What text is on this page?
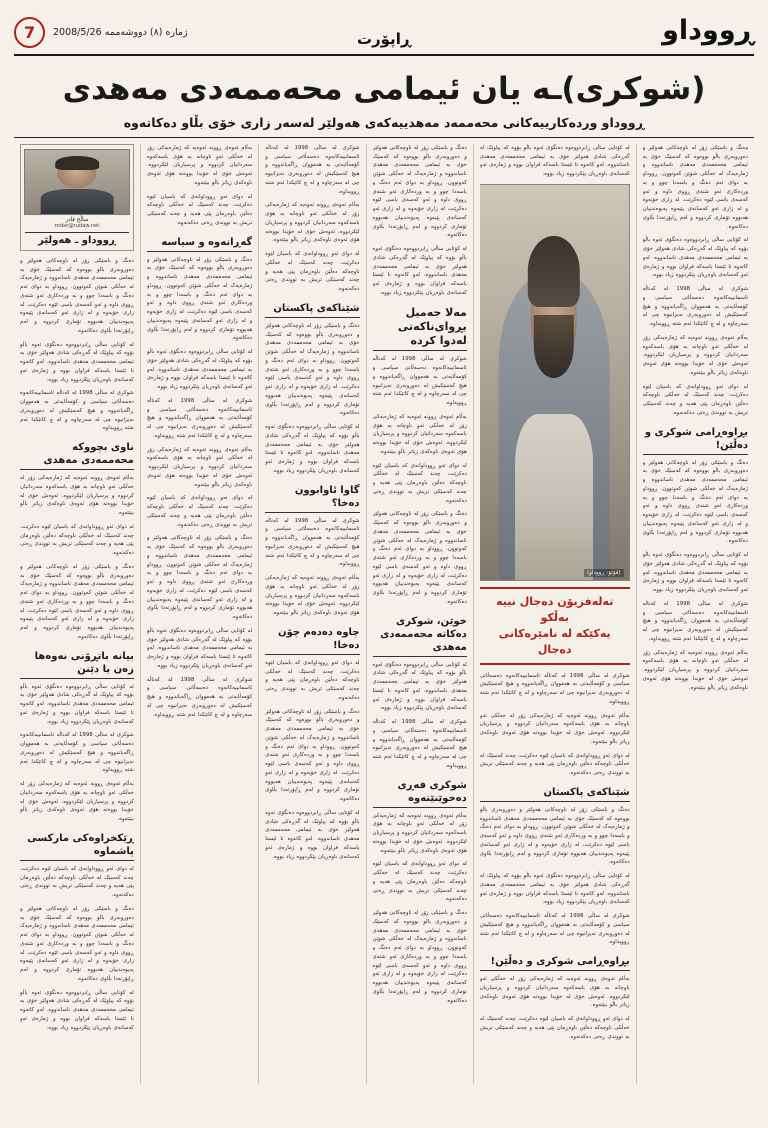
ڕووداو
ڕاپۆرت
ژماره‌ (٨) دووشه‌ممه‌ 2008/5/26
7
(شوکری)ـه‌ یان ئیمامی محه‌ممه‌دی مه‌هدی
ڕووداو ورده‌کاریيه‌کانی محه‌ممه‌د مه‌هدیيه‌که‌ی هه‌ولێر له‌سه‌ر زاری خۆی بڵاو ده‌کاته‌وه‌

ده‌نگ و باسێکی زۆر له‌ ناوچه‌کانی هه‌ولێر و ده‌وروبه‌ری باڵو بووه‌وه‌ که‌ که‌سێک خۆی به‌ ئیمامی محه‌ممه‌دی مه‌هدی ناساندووه‌ و ژماره‌یه‌ک له‌ خه‌ڵکی شوێن که‌وتوون. ڕووداو به‌ دوای ئه‌م ده‌نگ و باسه‌دا چوو و به‌ ورده‌کاری ئه‌و شته‌ی ڕووی داوه‌ و ئه‌و که‌سه‌ی باسی لێوه‌ ده‌کرێت، له‌ زاری خۆیه‌وه‌ و له‌ زاری ئه‌و که‌سانه‌ی پێیه‌وه‌ په‌یوه‌ندیيان هه‌بووه‌ تۆماری کردووه‌ و له‌م ڕاپۆرته‌دا بڵاوی ده‌کاته‌وه‌.

له‌ کۆتایی ساڵی ڕابردووه‌وه‌ ده‌نگۆی ئه‌وه‌ باڵو بۆوه‌ که‌ پیاوێک له‌ گه‌ڕه‌کی شادی هه‌ولێر خۆی به‌ ئیمامی محه‌ممه‌دی مه‌هدی ناساندووه‌. له‌و کاته‌وه‌ تا ئێستا باسه‌که‌ فراوان بووه‌ و ژماره‌ی ئه‌و که‌سانه‌ی باوه‌ڕیان پێکردووه‌ زیاد بووه‌.

شوکری له‌ ساڵی 1998 له‌ که‌ناڵه‌ ئاسمانیيه‌کانه‌وه‌ ده‌سه‌ڵاتی سیاسی و کۆمه‌ڵایه‌تی به‌ هه‌مووان ڕاگه‌یاندووه‌ و هیچ که‌سێکیش له‌ ده‌وروبه‌ری نه‌یزانیوه‌ چی له‌ سه‌رچاوه‌ و له‌ چ کاتێکدا ئه‌م شته‌ ڕوویداوه‌.

به‌ڵام ئه‌وه‌ی ڕوونه‌ ئه‌وه‌یه‌ که‌ ژماره‌یه‌کی زۆر له‌ خه‌ڵکی ئه‌و ناوچانه‌ به‌ هۆی باسه‌که‌وه‌ سه‌ردانیان کردووه‌ و پرسیاریان لێکردووه‌. ئه‌وه‌ش خۆی له‌ خۆیدا بووه‌ته‌ هۆی ئه‌وه‌ی ناوه‌که‌ی زیاتر باڵو ببێته‌وه‌.

له‌ دوای ئه‌و ڕووداوانه‌ی که‌ باسیان لێوه‌ ده‌کرێت، چه‌ند که‌سێک له‌ خه‌ڵکی ناوچه‌که‌ ده‌ڵێن باوه‌ڕمان پێی هه‌یه‌ و چه‌ند که‌سێکی تریش به‌ تووندی ڕه‌تی ده‌که‌نه‌وه‌.

بڕاوه‌ڕامی شوکری و ده‌ڵێن!

ده‌نگ و باسێکی زۆر له‌ ناوچه‌کانی هه‌ولێر و ده‌وروبه‌ری باڵو بووه‌وه‌ که‌ که‌سێک خۆی به‌ ئیمامی محه‌ممه‌دی مه‌هدی ناساندووه‌ و ژماره‌یه‌ک له‌ خه‌ڵکی شوێن که‌وتوون. ڕووداو به‌ دوای ئه‌م ده‌نگ و باسه‌دا چوو و به‌ ورده‌کاری ئه‌و شته‌ی ڕووی داوه‌ و ئه‌و که‌سه‌ی باسی لێوه‌ ده‌کرێت، له‌ زاری خۆیه‌وه‌ و له‌ زاری ئه‌و که‌سانه‌ی پێیه‌وه‌ په‌یوه‌ندیيان هه‌بووه‌ تۆماری کردووه‌ و له‌م ڕاپۆرته‌دا بڵاوی ده‌کاته‌وه‌.

له‌ کۆتایی ساڵی ڕابردووه‌وه‌ ده‌نگۆی ئه‌وه‌ باڵو بۆوه‌ که‌ پیاوێک له‌ گه‌ڕه‌کی شادی هه‌ولێر خۆی به‌ ئیمامی محه‌ممه‌دی مه‌هدی ناساندووه‌. له‌و کاته‌وه‌ تا ئێستا باسه‌که‌ فراوان بووه‌ و ژماره‌ی ئه‌و که‌سانه‌ی باوه‌ڕیان پێکردووه‌ زیاد بووه‌.

شوکری له‌ ساڵی 1998 له‌ که‌ناڵه‌ ئاسمانیيه‌کانه‌وه‌ ده‌سه‌ڵاتی سیاسی و کۆمه‌ڵایه‌تی به‌ هه‌مووان ڕاگه‌یاندووه‌ و هیچ که‌سێکیش له‌ ده‌وروبه‌ری نه‌یزانیوه‌ چی له‌ سه‌رچاوه‌ و له‌ چ کاتێکدا ئه‌م شته‌ ڕوویداوه‌.

به‌ڵام ئه‌وه‌ی ڕوونه‌ ئه‌وه‌یه‌ که‌ ژماره‌یه‌کی زۆر له‌ خه‌ڵکی ئه‌و ناوچانه‌ به‌ هۆی باسه‌که‌وه‌ سه‌ردانیان کردووه‌ و پرسیاریان لێکردووه‌. ئه‌وه‌ش خۆی له‌ خۆیدا بووه‌ته‌ هۆی ئه‌وه‌ی ناوه‌که‌ی زیاتر باڵو ببێته‌وه‌.

له‌ کۆتایی ساڵی ڕابردووه‌وه‌ ده‌نگۆی ئه‌وه‌ باڵو بۆوه‌ که‌ پیاوێک له‌ گه‌ڕه‌کی شادی هه‌ولێر خۆی به‌ ئیمامی محه‌ممه‌دی مه‌هدی ناساندووه‌. له‌و کاته‌وه‌ تا ئێستا باسه‌که‌ فراوان بووه‌ و ژماره‌ی ئه‌و که‌سانه‌ی باوه‌ڕیان پێکردووه‌ زیاد بووه‌.

(فۆتۆ: ڕووداو)
ته‌لەفزیۆن دەجال نیيه‌ به‌ڵکو
یه‌کێکه‌ له‌ نامێره‌کانی دەجال

شوکری له‌ ساڵی 1998 له‌ که‌ناڵه‌ ئاسمانیيه‌کانه‌وه‌ ده‌سه‌ڵاتی سیاسی و کۆمه‌ڵایه‌تی به‌ هه‌مووان ڕاگه‌یاندووه‌ و هیچ که‌سێکیش له‌ ده‌وروبه‌ری نه‌یزانیوه‌ چی له‌ سه‌رچاوه‌ و له‌ چ کاتێکدا ئه‌م شته‌ ڕوویداوه‌.

به‌ڵام ئه‌وه‌ی ڕوونه‌ ئه‌وه‌یه‌ که‌ ژماره‌یه‌کی زۆر له‌ خه‌ڵکی ئه‌و ناوچانه‌ به‌ هۆی باسه‌که‌وه‌ سه‌ردانیان کردووه‌ و پرسیاریان لێکردووه‌. ئه‌وه‌ش خۆی له‌ خۆیدا بووه‌ته‌ هۆی ئه‌وه‌ی ناوه‌که‌ی زیاتر باڵو ببێته‌وه‌.

له‌ دوای ئه‌و ڕووداوانه‌ی که‌ باسیان لێوه‌ ده‌کرێت، چه‌ند که‌سێک له‌ خه‌ڵکی ناوچه‌که‌ ده‌ڵێن باوه‌ڕمان پێی هه‌یه‌ و چه‌ند که‌سێکی تریش به‌ تووندی ڕه‌تی ده‌که‌نه‌وه‌.

شێناکه‌ی پاکستان

ده‌نگ و باسێکی زۆر له‌ ناوچه‌کانی هه‌ولێر و ده‌وروبه‌ری باڵو بووه‌وه‌ که‌ که‌سێک خۆی به‌ ئیمامی محه‌ممه‌دی مه‌هدی ناساندووه‌ و ژماره‌یه‌ک له‌ خه‌ڵکی شوێن که‌وتوون. ڕووداو به‌ دوای ئه‌م ده‌نگ و باسه‌دا چوو و به‌ ورده‌کاری ئه‌و شته‌ی ڕووی داوه‌ و ئه‌و که‌سه‌ی باسی لێوه‌ ده‌کرێت، له‌ زاری خۆیه‌وه‌ و له‌ زاری ئه‌و که‌سانه‌ی پێیه‌وه‌ په‌یوه‌ندیيان هه‌بووه‌ تۆماری کردووه‌ و له‌م ڕاپۆرته‌دا بڵاوی ده‌کاته‌وه‌.

له‌ کۆتایی ساڵی ڕابردووه‌وه‌ ده‌نگۆی ئه‌وه‌ باڵو بۆوه‌ که‌ پیاوێک له‌ گه‌ڕه‌کی شادی هه‌ولێر خۆی به‌ ئیمامی محه‌ممه‌دی مه‌هدی ناساندووه‌. له‌و کاته‌وه‌ تا ئێستا باسه‌که‌ فراوان بووه‌ و ژماره‌ی ئه‌و که‌سانه‌ی باوه‌ڕیان پێکردووه‌ زیاد بووه‌.

شوکری له‌ ساڵی 1998 له‌ که‌ناڵه‌ ئاسمانیيه‌کانه‌وه‌ ده‌سه‌ڵاتی سیاسی و کۆمه‌ڵایه‌تی به‌ هه‌مووان ڕاگه‌یاندووه‌ و هیچ که‌سێکیش له‌ ده‌وروبه‌ری نه‌یزانیوه‌ چی له‌ سه‌رچاوه‌ و له‌ چ کاتێکدا ئه‌م شته‌ ڕوویداوه‌.

بڕاوه‌ڕامی شوکری و ده‌ڵێن!

به‌ڵام ئه‌وه‌ی ڕوونه‌ ئه‌وه‌یه‌ که‌ ژماره‌یه‌کی زۆر له‌ خه‌ڵکی ئه‌و ناوچانه‌ به‌ هۆی باسه‌که‌وه‌ سه‌ردانیان کردووه‌ و پرسیاریان لێکردووه‌. ئه‌وه‌ش خۆی له‌ خۆیدا بووه‌ته‌ هۆی ئه‌وه‌ی ناوه‌که‌ی زیاتر باڵو ببێته‌وه‌.

له‌ دوای ئه‌و ڕووداوانه‌ی که‌ باسیان لێوه‌ ده‌کرێت، چه‌ند که‌سێک له‌ خه‌ڵکی ناوچه‌که‌ ده‌ڵێن باوه‌ڕمان پێی هه‌یه‌ و چه‌ند که‌سێکی تریش به‌ تووندی ڕه‌تی ده‌که‌نه‌وه‌.

ده‌نگ و باسێکی زۆر له‌ ناوچه‌کانی هه‌ولێر و ده‌وروبه‌ری باڵو بووه‌وه‌ که‌ که‌سێک خۆی به‌ ئیمامی محه‌ممه‌دی مه‌هدی ناساندووه‌ و ژماره‌یه‌ک له‌ خه‌ڵکی شوێن که‌وتوون. ڕووداو به‌ دوای ئه‌م ده‌نگ و باسه‌دا چوو و به‌ ورده‌کاری ئه‌و شته‌ی ڕووی داوه‌ و ئه‌و که‌سه‌ی باسی لێوه‌ ده‌کرێت، له‌ زاری خۆیه‌وه‌ و له‌ زاری ئه‌و که‌سانه‌ی پێیه‌وه‌ په‌یوه‌ندیيان هه‌بووه‌ تۆماری کردووه‌ و له‌م ڕاپۆرته‌دا بڵاوی ده‌کاته‌وه‌.

له‌ کۆتایی ساڵی ڕابردووه‌وه‌ ده‌نگۆی ئه‌وه‌ باڵو بۆوه‌ که‌ پیاوێک له‌ گه‌ڕه‌کی شادی هه‌ولێر خۆی به‌ ئیمامی محه‌ممه‌دی مه‌هدی ناساندووه‌. له‌و کاته‌وه‌ تا ئێستا باسه‌که‌ فراوان بووه‌ و ژماره‌ی ئه‌و که‌سانه‌ی باوه‌ڕیان پێکردووه‌ زیاد بووه‌.

مەلا جەمیل بڕوای‌ناکەتی لەدوا کردە

شوکری له‌ ساڵی 1998 له‌ که‌ناڵه‌ ئاسمانیيه‌کانه‌وه‌ ده‌سه‌ڵاتی سیاسی و کۆمه‌ڵایه‌تی به‌ هه‌مووان ڕاگه‌یاندووه‌ و هیچ که‌سێکیش له‌ ده‌وروبه‌ری نه‌یزانیوه‌ چی له‌ سه‌رچاوه‌ و له‌ چ کاتێکدا ئه‌م شته‌ ڕوویداوه‌.

به‌ڵام ئه‌وه‌ی ڕوونه‌ ئه‌وه‌یه‌ که‌ ژماره‌یه‌کی زۆر له‌ خه‌ڵکی ئه‌و ناوچانه‌ به‌ هۆی باسه‌که‌وه‌ سه‌ردانیان کردووه‌ و پرسیاریان لێکردووه‌. ئه‌وه‌ش خۆی له‌ خۆیدا بووه‌ته‌ هۆی ئه‌وه‌ی ناوه‌که‌ی زیاتر باڵو ببێته‌وه‌.

له‌ دوای ئه‌و ڕووداوانه‌ی که‌ باسیان لێوه‌ ده‌کرێت، چه‌ند که‌سێک له‌ خه‌ڵکی ناوچه‌که‌ ده‌ڵێن باوه‌ڕمان پێی هه‌یه‌ و چه‌ند که‌سێکی تریش به‌ تووندی ڕه‌تی ده‌که‌نه‌وه‌.

ده‌نگ و باسێکی زۆر له‌ ناوچه‌کانی هه‌ولێر و ده‌وروبه‌ری باڵو بووه‌وه‌ که‌ که‌سێک خۆی به‌ ئیمامی محه‌ممه‌دی مه‌هدی ناساندووه‌ و ژماره‌یه‌ک له‌ خه‌ڵکی شوێن که‌وتوون. ڕووداو به‌ دوای ئه‌م ده‌نگ و باسه‌دا چوو و به‌ ورده‌کاری ئه‌و شته‌ی ڕووی داوه‌ و ئه‌و که‌سه‌ی باسی لێوه‌ ده‌کرێت، له‌ زاری خۆیه‌وه‌ و له‌ زاری ئه‌و که‌سانه‌ی پێیه‌وه‌ په‌یوه‌ندیيان هه‌بووه‌ تۆماری کردووه‌ و له‌م ڕاپۆرته‌دا بڵاوی ده‌کاته‌وه‌.

خوێن، شوکری دەکاته‌ محه‌ممه‌دی مه‌هدی

له‌ کۆتایی ساڵی ڕابردووه‌وه‌ ده‌نگۆی ئه‌وه‌ باڵو بۆوه‌ که‌ پیاوێک له‌ گه‌ڕه‌کی شادی هه‌ولێر خۆی به‌ ئیمامی محه‌ممه‌دی مه‌هدی ناساندووه‌. له‌و کاته‌وه‌ تا ئێستا باسه‌که‌ فراوان بووه‌ و ژماره‌ی ئه‌و که‌سانه‌ی باوه‌ڕیان پێکردووه‌ زیاد بووه‌.

شوکری له‌ ساڵی 1998 له‌ که‌ناڵه‌ ئاسمانیيه‌کانه‌وه‌ ده‌سه‌ڵاتی سیاسی و کۆمه‌ڵایه‌تی به‌ هه‌مووان ڕاگه‌یاندووه‌ و هیچ که‌سێکیش له‌ ده‌وروبه‌ری نه‌یزانیوه‌ چی له‌ سه‌رچاوه‌ و له‌ چ کاتێکدا ئه‌م شته‌ ڕوویداوه‌.

شوکری فه‌ڕی دەخوێنێته‌وه‌

به‌ڵام ئه‌وه‌ی ڕوونه‌ ئه‌وه‌یه‌ که‌ ژماره‌یه‌کی زۆر له‌ خه‌ڵکی ئه‌و ناوچانه‌ به‌ هۆی باسه‌که‌وه‌ سه‌ردانیان کردووه‌ و پرسیاریان لێکردووه‌. ئه‌وه‌ش خۆی له‌ خۆیدا بووه‌ته‌ هۆی ئه‌وه‌ی ناوه‌که‌ی زیاتر باڵو ببێته‌وه‌.

له‌ دوای ئه‌و ڕووداوانه‌ی که‌ باسیان لێوه‌ ده‌کرێت، چه‌ند که‌سێک له‌ خه‌ڵکی ناوچه‌که‌ ده‌ڵێن باوه‌ڕمان پێی هه‌یه‌ و چه‌ند که‌سێکی تریش به‌ تووندی ڕه‌تی ده‌که‌نه‌وه‌.

ده‌نگ و باسێکی زۆر له‌ ناوچه‌کانی هه‌ولێر و ده‌وروبه‌ری باڵو بووه‌وه‌ که‌ که‌سێک خۆی به‌ ئیمامی محه‌ممه‌دی مه‌هدی ناساندووه‌ و ژماره‌یه‌ک له‌ خه‌ڵکی شوێن که‌وتوون. ڕووداو به‌ دوای ئه‌م ده‌نگ و باسه‌دا چوو و به‌ ورده‌کاری ئه‌و شته‌ی ڕووی داوه‌ و ئه‌و که‌سه‌ی باسی لێوه‌ ده‌کرێت، له‌ زاری خۆیه‌وه‌ و له‌ زاری ئه‌و که‌سانه‌ی پێیه‌وه‌ په‌یوه‌ندیيان هه‌بووه‌ تۆماری کردووه‌ و له‌م ڕاپۆرته‌دا بڵاوی ده‌کاته‌وه‌.

شوکری له‌ ساڵی 1998 له‌ که‌ناڵه‌ ئاسمانیيه‌کانه‌وه‌ ده‌سه‌ڵاتی سیاسی و کۆمه‌ڵایه‌تی به‌ هه‌مووان ڕاگه‌یاندووه‌ و هیچ که‌سێکیش له‌ ده‌وروبه‌ری نه‌یزانیوه‌ چی له‌ سه‌رچاوه‌ و له‌ چ کاتێکدا ئه‌م شته‌ ڕوویداوه‌.

به‌ڵام ئه‌وه‌ی ڕوونه‌ ئه‌وه‌یه‌ که‌ ژماره‌یه‌کی زۆر له‌ خه‌ڵکی ئه‌و ناوچانه‌ به‌ هۆی باسه‌که‌وه‌ سه‌ردانیان کردووه‌ و پرسیاریان لێکردووه‌. ئه‌وه‌ش خۆی له‌ خۆیدا بووه‌ته‌ هۆی ئه‌وه‌ی ناوه‌که‌ی زیاتر باڵو ببێته‌وه‌.

له‌ دوای ئه‌و ڕووداوانه‌ی که‌ باسیان لێوه‌ ده‌کرێت، چه‌ند که‌سێک له‌ خه‌ڵکی ناوچه‌که‌ ده‌ڵێن باوه‌ڕمان پێی هه‌یه‌ و چه‌ند که‌سێکی تریش به‌ تووندی ڕه‌تی ده‌که‌نه‌وه‌.

شێناکه‌ی پاکستان

ده‌نگ و باسێکی زۆر له‌ ناوچه‌کانی هه‌ولێر و ده‌وروبه‌ری باڵو بووه‌وه‌ که‌ که‌سێک خۆی به‌ ئیمامی محه‌ممه‌دی مه‌هدی ناساندووه‌ و ژماره‌یه‌ک له‌ خه‌ڵکی شوێن که‌وتوون. ڕووداو به‌ دوای ئه‌م ده‌نگ و باسه‌دا چوو و به‌ ورده‌کاری ئه‌و شته‌ی ڕووی داوه‌ و ئه‌و که‌سه‌ی باسی لێوه‌ ده‌کرێت، له‌ زاری خۆیه‌وه‌ و له‌ زاری ئه‌و که‌سانه‌ی پێیه‌وه‌ په‌یوه‌ندیيان هه‌بووه‌ تۆماری کردووه‌ و له‌م ڕاپۆرته‌دا بڵاوی ده‌کاته‌وه‌.

له‌ کۆتایی ساڵی ڕابردووه‌وه‌ ده‌نگۆی ئه‌وه‌ باڵو بۆوه‌ که‌ پیاوێک له‌ گه‌ڕه‌کی شادی هه‌ولێر خۆی به‌ ئیمامی محه‌ممه‌دی مه‌هدی ناساندووه‌. له‌و کاته‌وه‌ تا ئێستا باسه‌که‌ فراوان بووه‌ و ژماره‌ی ئه‌و که‌سانه‌ی باوه‌ڕیان پێکردووه‌ زیاد بووه‌.

گاوا ئاوابوون ده‌خا؟

شوکری له‌ ساڵی 1998 له‌ که‌ناڵه‌ ئاسمانیيه‌کانه‌وه‌ ده‌سه‌ڵاتی سیاسی و کۆمه‌ڵایه‌تی به‌ هه‌مووان ڕاگه‌یاندووه‌ و هیچ که‌سێکیش له‌ ده‌وروبه‌ری نه‌یزانیوه‌ چی له‌ سه‌رچاوه‌ و له‌ چ کاتێکدا ئه‌م شته‌ ڕوویداوه‌.

به‌ڵام ئه‌وه‌ی ڕوونه‌ ئه‌وه‌یه‌ که‌ ژماره‌یه‌کی زۆر له‌ خه‌ڵکی ئه‌و ناوچانه‌ به‌ هۆی باسه‌که‌وه‌ سه‌ردانیان کردووه‌ و پرسیاریان لێکردووه‌. ئه‌وه‌ش خۆی له‌ خۆیدا بووه‌ته‌ هۆی ئه‌وه‌ی ناوه‌که‌ی زیاتر باڵو ببێته‌وه‌.

چاوه‌ ده‌ده‌م چۆن ده‌خا!

له‌ دوای ئه‌و ڕووداوانه‌ی که‌ باسیان لێوه‌ ده‌کرێت، چه‌ند که‌سێک له‌ خه‌ڵکی ناوچه‌که‌ ده‌ڵێن باوه‌ڕمان پێی هه‌یه‌ و چه‌ند که‌سێکی تریش به‌ تووندی ڕه‌تی ده‌که‌نه‌وه‌.

ده‌نگ و باسێکی زۆر له‌ ناوچه‌کانی هه‌ولێر و ده‌وروبه‌ری باڵو بووه‌وه‌ که‌ که‌سێک خۆی به‌ ئیمامی محه‌ممه‌دی مه‌هدی ناساندووه‌ و ژماره‌یه‌ک له‌ خه‌ڵکی شوێن که‌وتوون. ڕووداو به‌ دوای ئه‌م ده‌نگ و باسه‌دا چوو و به‌ ورده‌کاری ئه‌و شته‌ی ڕووی داوه‌ و ئه‌و که‌سه‌ی باسی لێوه‌ ده‌کرێت، له‌ زاری خۆیه‌وه‌ و له‌ زاری ئه‌و که‌سانه‌ی پێیه‌وه‌ په‌یوه‌ندیيان هه‌بووه‌ تۆماری کردووه‌ و له‌م ڕاپۆرته‌دا بڵاوی ده‌کاته‌وه‌.

له‌ کۆتایی ساڵی ڕابردووه‌وه‌ ده‌نگۆی ئه‌وه‌ باڵو بۆوه‌ که‌ پیاوێک له‌ گه‌ڕه‌کی شادی هه‌ولێر خۆی به‌ ئیمامی محه‌ممه‌دی مه‌هدی ناساندووه‌. له‌و کاته‌وه‌ تا ئێستا باسه‌که‌ فراوان بووه‌ و ژماره‌ی ئه‌و که‌سانه‌ی باوه‌ڕیان پێکردووه‌ زیاد بووه‌.

به‌ڵام ئه‌وه‌ی ڕوونه‌ ئه‌وه‌یه‌ که‌ ژماره‌یه‌کی زۆر له‌ خه‌ڵکی ئه‌و ناوچانه‌ به‌ هۆی باسه‌که‌وه‌ سه‌ردانیان کردووه‌ و پرسیاریان لێکردووه‌. ئه‌وه‌ش خۆی له‌ خۆیدا بووه‌ته‌ هۆی ئه‌وه‌ی ناوه‌که‌ی زیاتر باڵو ببێته‌وه‌.

له‌ دوای ئه‌و ڕووداوانه‌ی که‌ باسیان لێوه‌ ده‌کرێت، چه‌ند که‌سێک له‌ خه‌ڵکی ناوچه‌که‌ ده‌ڵێن باوه‌ڕمان پێی هه‌یه‌ و چه‌ند که‌سێکی تریش به‌ تووندی ڕه‌تی ده‌که‌نه‌وه‌.

گه‌ڕانه‌وه‌ و سیاسه‌

ده‌نگ و باسێکی زۆر له‌ ناوچه‌کانی هه‌ولێر و ده‌وروبه‌ری باڵو بووه‌وه‌ که‌ که‌سێک خۆی به‌ ئیمامی محه‌ممه‌دی مه‌هدی ناساندووه‌ و ژماره‌یه‌ک له‌ خه‌ڵکی شوێن که‌وتوون. ڕووداو به‌ دوای ئه‌م ده‌نگ و باسه‌دا چوو و به‌ ورده‌کاری ئه‌و شته‌ی ڕووی داوه‌ و ئه‌و که‌سه‌ی باسی لێوه‌ ده‌کرێت، له‌ زاری خۆیه‌وه‌ و له‌ زاری ئه‌و که‌سانه‌ی پێیه‌وه‌ په‌یوه‌ندیيان هه‌بووه‌ تۆماری کردووه‌ و له‌م ڕاپۆرته‌دا بڵاوی ده‌کاته‌وه‌.

له‌ کۆتایی ساڵی ڕابردووه‌وه‌ ده‌نگۆی ئه‌وه‌ باڵو بۆوه‌ که‌ پیاوێک له‌ گه‌ڕه‌کی شادی هه‌ولێر خۆی به‌ ئیمامی محه‌ممه‌دی مه‌هدی ناساندووه‌. له‌و کاته‌وه‌ تا ئێستا باسه‌که‌ فراوان بووه‌ و ژماره‌ی ئه‌و که‌سانه‌ی باوه‌ڕیان پێکردووه‌ زیاد بووه‌.

شوکری له‌ ساڵی 1998 له‌ که‌ناڵه‌ ئاسمانیيه‌کانه‌وه‌ ده‌سه‌ڵاتی سیاسی و کۆمه‌ڵایه‌تی به‌ هه‌مووان ڕاگه‌یاندووه‌ و هیچ که‌سێکیش له‌ ده‌وروبه‌ری نه‌یزانیوه‌ چی له‌ سه‌رچاوه‌ و له‌ چ کاتێکدا ئه‌م شته‌ ڕوویداوه‌.

به‌ڵام ئه‌وه‌ی ڕوونه‌ ئه‌وه‌یه‌ که‌ ژماره‌یه‌کی زۆر له‌ خه‌ڵکی ئه‌و ناوچانه‌ به‌ هۆی باسه‌که‌وه‌ سه‌ردانیان کردووه‌ و پرسیاریان لێکردووه‌. ئه‌وه‌ش خۆی له‌ خۆیدا بووه‌ته‌ هۆی ئه‌وه‌ی ناوه‌که‌ی زیاتر باڵو ببێته‌وه‌.

له‌ دوای ئه‌و ڕووداوانه‌ی که‌ باسیان لێوه‌ ده‌کرێت، چه‌ند که‌سێک له‌ خه‌ڵکی ناوچه‌که‌ ده‌ڵێن باوه‌ڕمان پێی هه‌یه‌ و چه‌ند که‌سێکی تریش به‌ تووندی ڕه‌تی ده‌که‌نه‌وه‌.

ده‌نگ و باسێکی زۆر له‌ ناوچه‌کانی هه‌ولێر و ده‌وروبه‌ری باڵو بووه‌وه‌ که‌ که‌سێک خۆی به‌ ئیمامی محه‌ممه‌دی مه‌هدی ناساندووه‌ و ژماره‌یه‌ک له‌ خه‌ڵکی شوێن که‌وتوون. ڕووداو به‌ دوای ئه‌م ده‌نگ و باسه‌دا چوو و به‌ ورده‌کاری ئه‌و شته‌ی ڕووی داوه‌ و ئه‌و که‌سه‌ی باسی لێوه‌ ده‌کرێت، له‌ زاری خۆیه‌وه‌ و له‌ زاری ئه‌و که‌سانه‌ی پێیه‌وه‌ په‌یوه‌ندیيان هه‌بووه‌ تۆماری کردووه‌ و له‌م ڕاپۆرته‌دا بڵاوی ده‌کاته‌وه‌.

له‌ کۆتایی ساڵی ڕابردووه‌وه‌ ده‌نگۆی ئه‌وه‌ باڵو بۆوه‌ که‌ پیاوێک له‌ گه‌ڕه‌کی شادی هه‌ولێر خۆی به‌ ئیمامی محه‌ممه‌دی مه‌هدی ناساندووه‌. له‌و کاته‌وه‌ تا ئێستا باسه‌که‌ فراوان بووه‌ و ژماره‌ی ئه‌و که‌سانه‌ی باوه‌ڕیان پێکردووه‌ زیاد بووه‌.

شوکری له‌ ساڵی 1998 له‌ که‌ناڵه‌ ئاسمانیيه‌کانه‌وه‌ ده‌سه‌ڵاتی سیاسی و کۆمه‌ڵایه‌تی به‌ هه‌مووان ڕاگه‌یاندووه‌ و هیچ که‌سێکیش له‌ ده‌وروبه‌ری نه‌یزانیوه‌ چی له‌ سه‌رچاوه‌ و له‌ چ کاتێکدا ئه‌م شته‌ ڕوویداوه‌.

ساڵح قادر
rodar@rudaw.net
ڕووداو ـ هه‌ولێر

ده‌نگ و باسێکی زۆر له‌ ناوچه‌کانی هه‌ولێر و ده‌وروبه‌ری باڵو بووه‌وه‌ که‌ که‌سێک خۆی به‌ ئیمامی محه‌ممه‌دی مه‌هدی ناساندووه‌ و ژماره‌یه‌ک له‌ خه‌ڵکی شوێن که‌وتوون. ڕووداو به‌ دوای ئه‌م ده‌نگ و باسه‌دا چوو و به‌ ورده‌کاری ئه‌و شته‌ی ڕووی داوه‌ و ئه‌و که‌سه‌ی باسی لێوه‌ ده‌کرێت، له‌ زاری خۆیه‌وه‌ و له‌ زاری ئه‌و که‌سانه‌ی پێیه‌وه‌ په‌یوه‌ندیيان هه‌بووه‌ تۆماری کردووه‌ و له‌م ڕاپۆرته‌دا بڵاوی ده‌کاته‌وه‌.

له‌ کۆتایی ساڵی ڕابردووه‌وه‌ ده‌نگۆی ئه‌وه‌ باڵو بۆوه‌ که‌ پیاوێک له‌ گه‌ڕه‌کی شادی هه‌ولێر خۆی به‌ ئیمامی محه‌ممه‌دی مه‌هدی ناساندووه‌. له‌و کاته‌وه‌ تا ئێستا باسه‌که‌ فراوان بووه‌ و ژماره‌ی ئه‌و که‌سانه‌ی باوه‌ڕیان پێکردووه‌ زیاد بووه‌.

شوکری له‌ ساڵی 1998 له‌ که‌ناڵه‌ ئاسمانیيه‌کانه‌وه‌ ده‌سه‌ڵاتی سیاسی و کۆمه‌ڵایه‌تی به‌ هه‌مووان ڕاگه‌یاندووه‌ و هیچ که‌سێکیش له‌ ده‌وروبه‌ری نه‌یزانیوه‌ چی له‌ سه‌رچاوه‌ و له‌ چ کاتێکدا ئه‌م شته‌ ڕوویداوه‌.

ناوی بچووکه‌ محه‌ممه‌دی مه‌هدی

به‌ڵام ئه‌وه‌ی ڕوونه‌ ئه‌وه‌یه‌ که‌ ژماره‌یه‌کی زۆر له‌ خه‌ڵکی ئه‌و ناوچانه‌ به‌ هۆی باسه‌که‌وه‌ سه‌ردانیان کردووه‌ و پرسیاریان لێکردووه‌. ئه‌وه‌ش خۆی له‌ خۆیدا بووه‌ته‌ هۆی ئه‌وه‌ی ناوه‌که‌ی زیاتر باڵو ببێته‌وه‌.

له‌ دوای ئه‌و ڕووداوانه‌ی که‌ باسیان لێوه‌ ده‌کرێت، چه‌ند که‌سێک له‌ خه‌ڵکی ناوچه‌که‌ ده‌ڵێن باوه‌ڕمان پێی هه‌یه‌ و چه‌ند که‌سێکی تریش به‌ تووندی ڕه‌تی ده‌که‌نه‌وه‌.

ده‌نگ و باسێکی زۆر له‌ ناوچه‌کانی هه‌ولێر و ده‌وروبه‌ری باڵو بووه‌وه‌ که‌ که‌سێک خۆی به‌ ئیمامی محه‌ممه‌دی مه‌هدی ناساندووه‌ و ژماره‌یه‌ک له‌ خه‌ڵکی شوێن که‌وتوون. ڕووداو به‌ دوای ئه‌م ده‌نگ و باسه‌دا چوو و به‌ ورده‌کاری ئه‌و شته‌ی ڕووی داوه‌ و ئه‌و که‌سه‌ی باسی لێوه‌ ده‌کرێت، له‌ زاری خۆیه‌وه‌ و له‌ زاری ئه‌و که‌سانه‌ی پێیه‌وه‌ په‌یوه‌ندیيان هه‌بووه‌ تۆماری کردووه‌ و له‌م ڕاپۆرته‌دا بڵاوی ده‌کاته‌وه‌.

بیانه‌ باتڕۆنی نه‌وه‌ها زه‌ن یا دێنن

له‌ کۆتایی ساڵی ڕابردووه‌وه‌ ده‌نگۆی ئه‌وه‌ باڵو بۆوه‌ که‌ پیاوێک له‌ گه‌ڕه‌کی شادی هه‌ولێر خۆی به‌ ئیمامی محه‌ممه‌دی مه‌هدی ناساندووه‌. له‌و کاته‌وه‌ تا ئێستا باسه‌که‌ فراوان بووه‌ و ژماره‌ی ئه‌و که‌سانه‌ی باوه‌ڕیان پێکردووه‌ زیاد بووه‌.

شوکری له‌ ساڵی 1998 له‌ که‌ناڵه‌ ئاسمانیيه‌کانه‌وه‌ ده‌سه‌ڵاتی سیاسی و کۆمه‌ڵایه‌تی به‌ هه‌مووان ڕاگه‌یاندووه‌ و هیچ که‌سێکیش له‌ ده‌وروبه‌ری نه‌یزانیوه‌ چی له‌ سه‌رچاوه‌ و له‌ چ کاتێکدا ئه‌م شته‌ ڕوویداوه‌.

به‌ڵام ئه‌وه‌ی ڕوونه‌ ئه‌وه‌یه‌ که‌ ژماره‌یه‌کی زۆر له‌ خه‌ڵکی ئه‌و ناوچانه‌ به‌ هۆی باسه‌که‌وه‌ سه‌ردانیان کردووه‌ و پرسیاریان لێکردووه‌. ئه‌وه‌ش خۆی له‌ خۆیدا بووه‌ته‌ هۆی ئه‌وه‌ی ناوه‌که‌ی زیاتر باڵو ببێته‌وه‌.

ڕێکخراوه‌کی مارکسی پاشماوه‌

له‌ دوای ئه‌و ڕووداوانه‌ی که‌ باسیان لێوه‌ ده‌کرێت، چه‌ند که‌سێک له‌ خه‌ڵکی ناوچه‌که‌ ده‌ڵێن باوه‌ڕمان پێی هه‌یه‌ و چه‌ند که‌سێکی تریش به‌ تووندی ڕه‌تی ده‌که‌نه‌وه‌.

ده‌نگ و باسێکی زۆر له‌ ناوچه‌کانی هه‌ولێر و ده‌وروبه‌ری باڵو بووه‌وه‌ که‌ که‌سێک خۆی به‌ ئیمامی محه‌ممه‌دی مه‌هدی ناساندووه‌ و ژماره‌یه‌ک له‌ خه‌ڵکی شوێن که‌وتوون. ڕووداو به‌ دوای ئه‌م ده‌نگ و باسه‌دا چوو و به‌ ورده‌کاری ئه‌و شته‌ی ڕووی داوه‌ و ئه‌و که‌سه‌ی باسی لێوه‌ ده‌کرێت، له‌ زاری خۆیه‌وه‌ و له‌ زاری ئه‌و که‌سانه‌ی پێیه‌وه‌ په‌یوه‌ندیيان هه‌بووه‌ تۆماری کردووه‌ و له‌م ڕاپۆرته‌دا بڵاوی ده‌کاته‌وه‌.

له‌ کۆتایی ساڵی ڕابردووه‌وه‌ ده‌نگۆی ئه‌وه‌ باڵو بۆوه‌ که‌ پیاوێک له‌ گه‌ڕه‌کی شادی هه‌ولێر خۆی به‌ ئیمامی محه‌ممه‌دی مه‌هدی ناساندووه‌. له‌و کاته‌وه‌ تا ئێستا باسه‌که‌ فراوان بووه‌ و ژماره‌ی ئه‌و که‌سانه‌ی باوه‌ڕیان پێکردووه‌ زیاد بووه‌.
